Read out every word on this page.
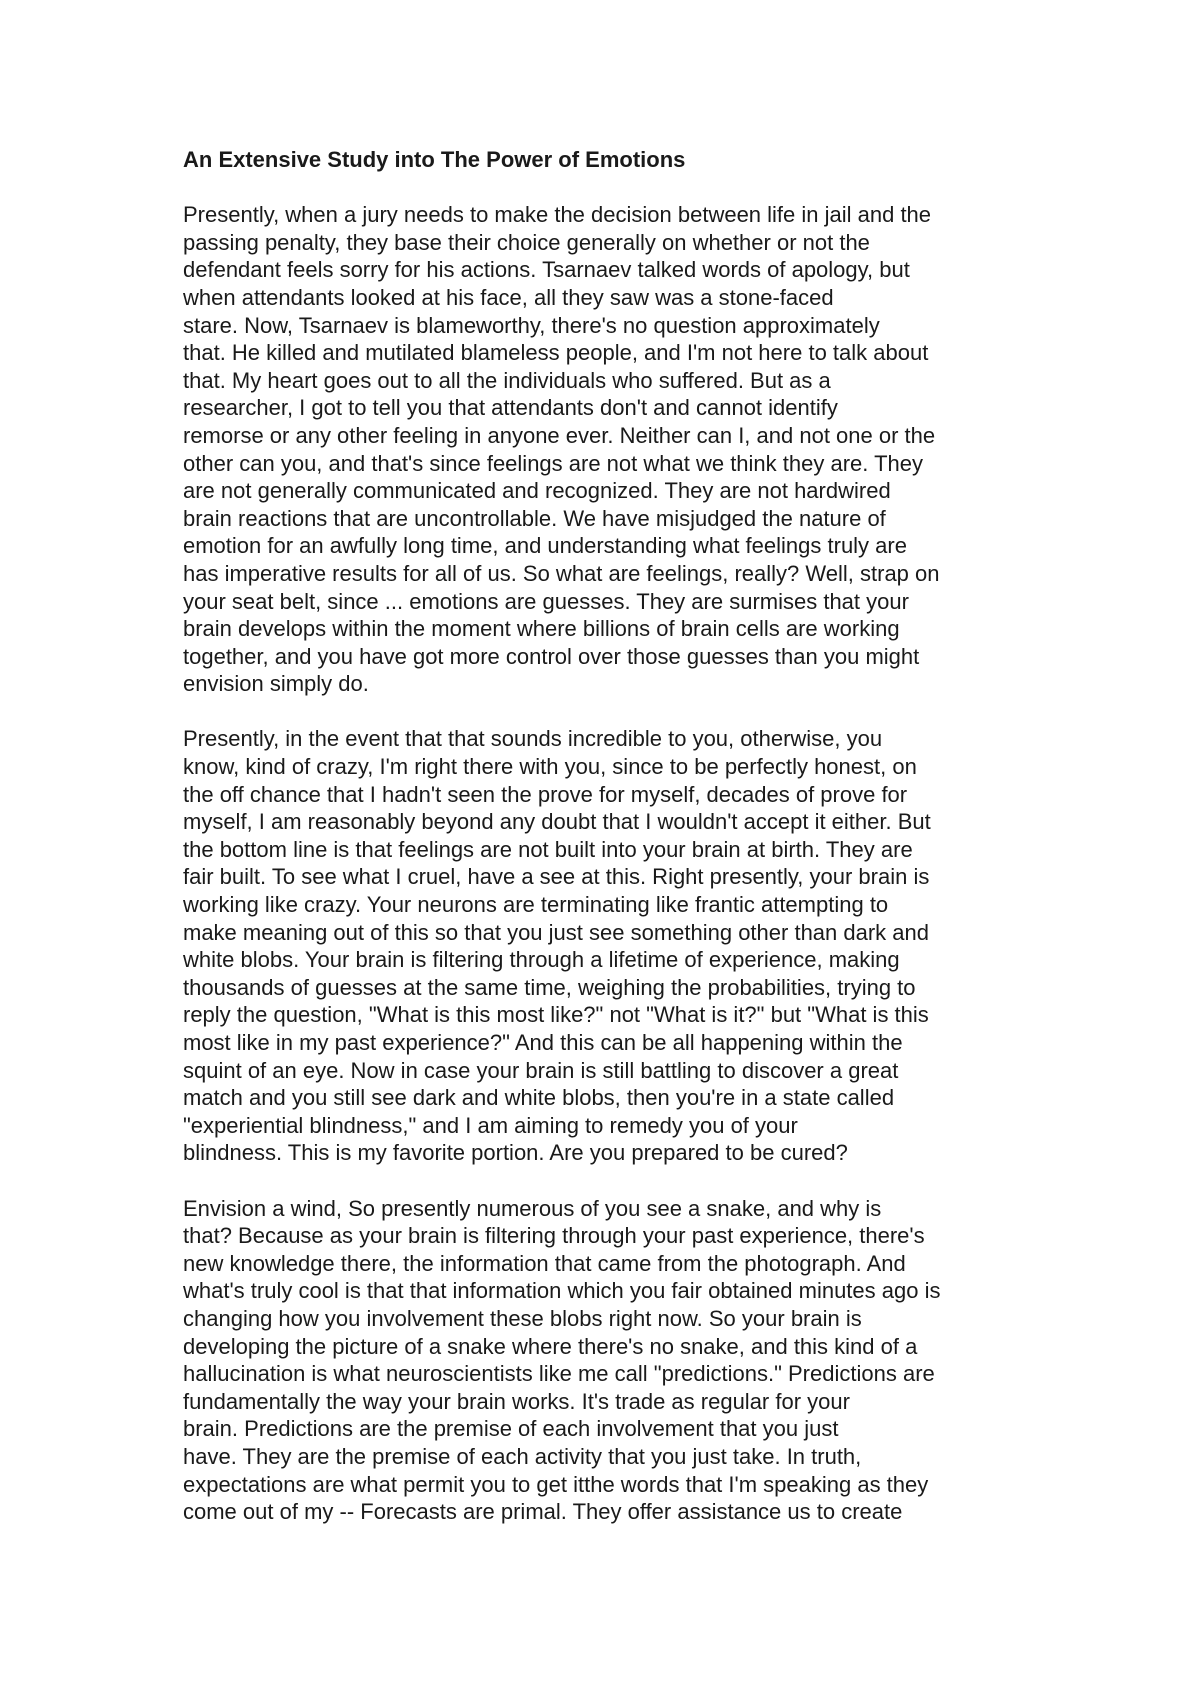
An Extensive Study into The Power of Emotions
Presently, when a jury needs to make the decision between life in jail and the
passing penalty, they base their choice generally on whether or not the
defendant feels sorry for his actions. Tsarnaev talked words of apology, but
when attendants looked at his face, all they saw was a stone-faced
stare. Now, Tsarnaev is blameworthy, there's no question approximately
that. He killed and mutilated blameless people, and I'm not here to talk about
that. My heart goes out to all the individuals who suffered. But as a
researcher, I got to tell you that attendants don't and cannot identify
remorse or any other feeling in anyone ever. Neither can I, and not one or the
other can you, and that's since feelings are not what we think they are. They
are not generally communicated and recognized. They are not hardwired
brain reactions that are uncontrollable. We have misjudged the nature of
emotion for an awfully long time, and understanding what feelings truly are
has imperative results for all of us. So what are feelings, really? Well, strap on
your seat belt, since ... emotions are guesses. They are surmises that your
brain develops within the moment where billions of brain cells are working
together, and you have got more control over those guesses than you might
envision simply do.
Presently, in the event that that sounds incredible to you, otherwise, you
know, kind of crazy, I'm right there with you, since to be perfectly honest, on
the off chance that I hadn't seen the prove for myself, decades of prove for
myself, I am reasonably beyond any doubt that I wouldn't accept it either. But
the bottom line is that feelings are not built into your brain at birth. They are
fair built. To see what I cruel, have a see at this. Right presently, your brain is
working like crazy. Your neurons are terminating like frantic attempting to
make meaning out of this so that you just see something other than dark and
white blobs. Your brain is filtering through a lifetime of experience, making
thousands of guesses at the same time, weighing the probabilities, trying to
reply the question, "What is this most like?" not "What is it?" but "What is this
most like in my past experience?" And this can be all happening within the
squint of an eye. Now in case your brain is still battling to discover a great
match and you still see dark and white blobs, then you're in a state called
"experiential blindness," and I am aiming to remedy you of your
blindness. This is my favorite portion. Are you prepared to be cured?
Envision a wind, So presently numerous of you see a snake, and why is
that? Because as your brain is filtering through your past experience, there's
new knowledge there, the information that came from the photograph. And
what's truly cool is that that information which you fair obtained minutes ago is
changing how you involvement these blobs right now. So your brain is
developing the picture of a snake where there's no snake, and this kind of a
hallucination is what neuroscientists like me call "predictions." Predictions are
fundamentally the way your brain works. It's trade as regular for your
brain. Predictions are the premise of each involvement that you just
have. They are the premise of each activity that you just take. In truth,
expectations are what permit you to get itthe words that I'm speaking as they
come out of my -- Forecasts are primal. They offer assistance us to create
